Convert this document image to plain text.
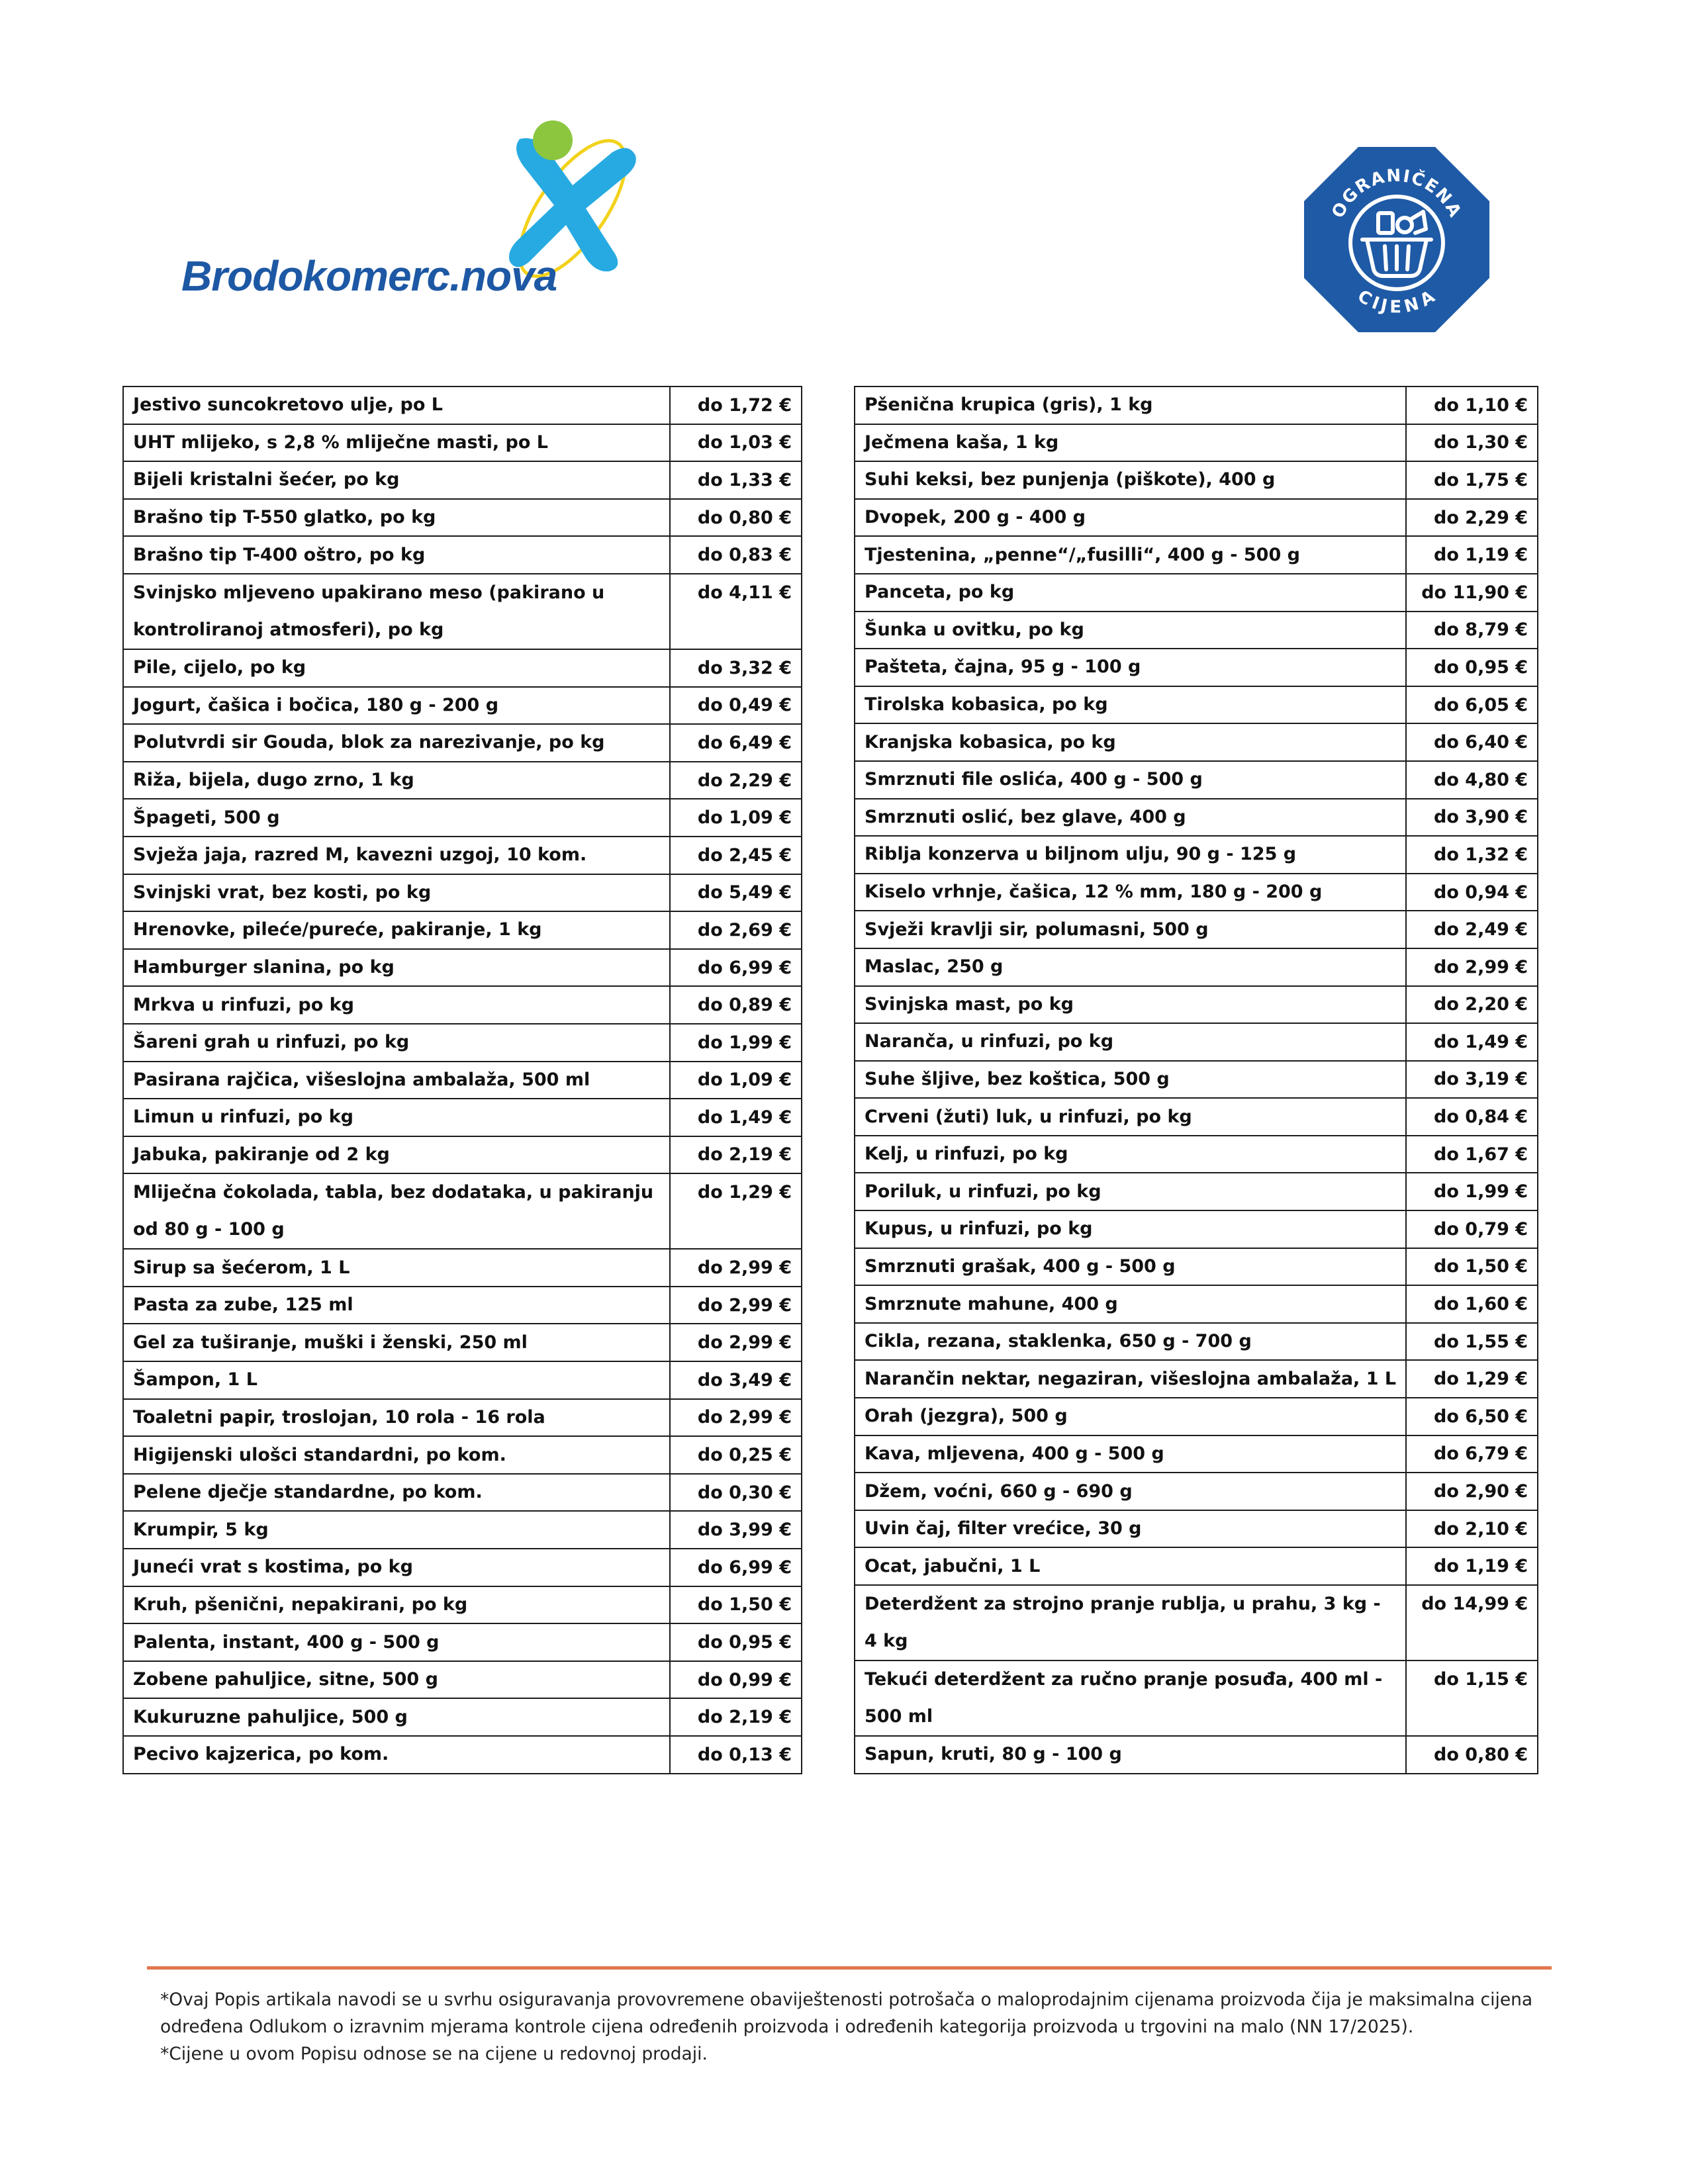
Brodokomerc.nova
OGRANIČENA
CIJENA
Jestivo suncokretovo ulje, po L	do 1,72 €
UHT mlijeko, s 2,8 % mliječne masti, po L	do 1,03 €
Bijeli kristalni šećer, po kg	do 1,33 €
Brašno tip T-550 glatko, po kg	do 0,80 €
Brašno tip T-400 oštro, po kg	do 0,83 €
Svinjsko mljeveno upakirano meso (pakirano u kontroliranoj atmosferi), po kg	do 4,11 €
Pile, cijelo, po kg	do 3,32 €
Jogurt, čašica i bočica, 180 g - 200 g	do 0,49 €
Polutvrdi sir Gouda, blok za narezivanje, po kg	do 6,49 €
Riža, bijela, dugo zrno, 1 kg	do 2,29 €
Špageti, 500 g	do 1,09 €
Svježa jaja, razred M, kavezni uzgoj, 10 kom.	do 2,45 €
Svinjski vrat, bez kosti, po kg	do 5,49 €
Hrenovke, pileće/pureće, pakiranje, 1 kg	do 2,69 €
Hamburger slanina, po kg	do 6,99 €
Mrkva u rinfuzi, po kg	do 0,89 €
Šareni grah u rinfuzi, po kg	do 1,99 €
Pasirana rajčica, višeslojna ambalaža, 500 ml	do 1,09 €
Limun u rinfuzi, po kg	do 1,49 €
Jabuka, pakiranje od 2 kg	do 2,19 €
Mliječna čokolada, tabla, bez dodataka, u pakiranju od 80 g - 100 g	do 1,29 €
Sirup sa šećerom, 1 L	do 2,99 €
Pasta za zube, 125 ml	do 2,99 €
Gel za tuširanje, muški i ženski, 250 ml	do 2,99 €
Šampon, 1 L	do 3,49 €
Toaletni papir, troslojan, 10 rola - 16 rola	do 2,99 €
Higijenski ulošci standardni, po kom.	do 0,25 €
Pelene dječje standardne, po kom.	do 0,30 €
Krumpir, 5 kg	do 3,99 €
Juneći vrat s kostima, po kg	do 6,99 €
Kruh, pšenični, nepakirani, po kg	do 1,50 €
Palenta, instant, 400 g - 500 g	do 0,95 €
Zobene pahuljice, sitne, 500 g	do 0,99 €
Kukuruzne pahuljice, 500 g	do 2,19 €
Pecivo kajzerica, po kom.	do 0,13 €
Pšenična krupica (gris), 1 kg	do 1,10 €
Ječmena kaša, 1 kg	do 1,30 €
Suhi keksi, bez punjenja (piškote), 400 g	do 1,75 €
Dvopek, 200 g - 400 g	do 2,29 €
Tjestenina, „penne“/„fusilli“, 400 g - 500 g	do 1,19 €
Panceta, po kg	do 11,90 €
Šunka u ovitku, po kg	do 8,79 €
Pašteta, čajna, 95 g - 100 g	do 0,95 €
Tirolska kobasica, po kg	do 6,05 €
Kranjska kobasica, po kg	do 6,40 €
Smrznuti file oslića, 400 g - 500 g	do 4,80 €
Smrznuti oslić, bez glave, 400 g	do 3,90 €
Riblja konzerva u biljnom ulju, 90 g - 125 g	do 1,32 €
Kiselo vrhnje, čašica, 12 % mm, 180 g - 200 g	do 0,94 €
Svježi kravlji sir, polumasni, 500 g	do 2,49 €
Maslac, 250 g	do 2,99 €
Svinjska mast, po kg	do 2,20 €
Naranča, u rinfuzi, po kg	do 1,49 €
Suhe šljive, bez koštica, 500 g	do 3,19 €
Crveni (žuti) luk, u rinfuzi, po kg	do 0,84 €
Kelj, u rinfuzi, po kg	do 1,67 €
Poriluk, u rinfuzi, po kg	do 1,99 €
Kupus, u rinfuzi, po kg	do 0,79 €
Smrznuti grašak, 400 g - 500 g	do 1,50 €
Smrznute mahune, 400 g	do 1,60 €
Cikla, rezana, staklenka, 650 g - 700 g	do 1,55 €
Narančin nektar, negaziran, višeslojna ambalaža, 1 L	do 1,29 €
Orah (jezgra), 500 g	do 6,50 €
Kava, mljevena, 400 g - 500 g	do 6,79 €
Džem, voćni, 660 g - 690 g	do 2,90 €
Uvin čaj, filter vrećice, 30 g	do 2,10 €
Ocat, jabučni, 1 L	do 1,19 €
Deterdžent za strojno pranje rublja, u prahu, 3 kg - 4 kg	do 14,99 €
Tekući deterdžent za ručno pranje posuđa, 400 ml - 500 ml	do 1,15 €
Sapun, kruti, 80 g - 100 g	do 0,80 €

*Ovaj Popis artikala navodi se u svrhu osiguravanja provovremene obaviještenosti potrošača o maloprodajnim cijenama proizvoda čija je maksimalna cijena određena Odlukom o izravnim mjerama kontrole cijena određenih proizvoda i određenih kategorija proizvoda u trgovini na malo (NN 17/2025).

*Cijene u ovom Popisu odnose se na cijene u redovnoj prodaji.
